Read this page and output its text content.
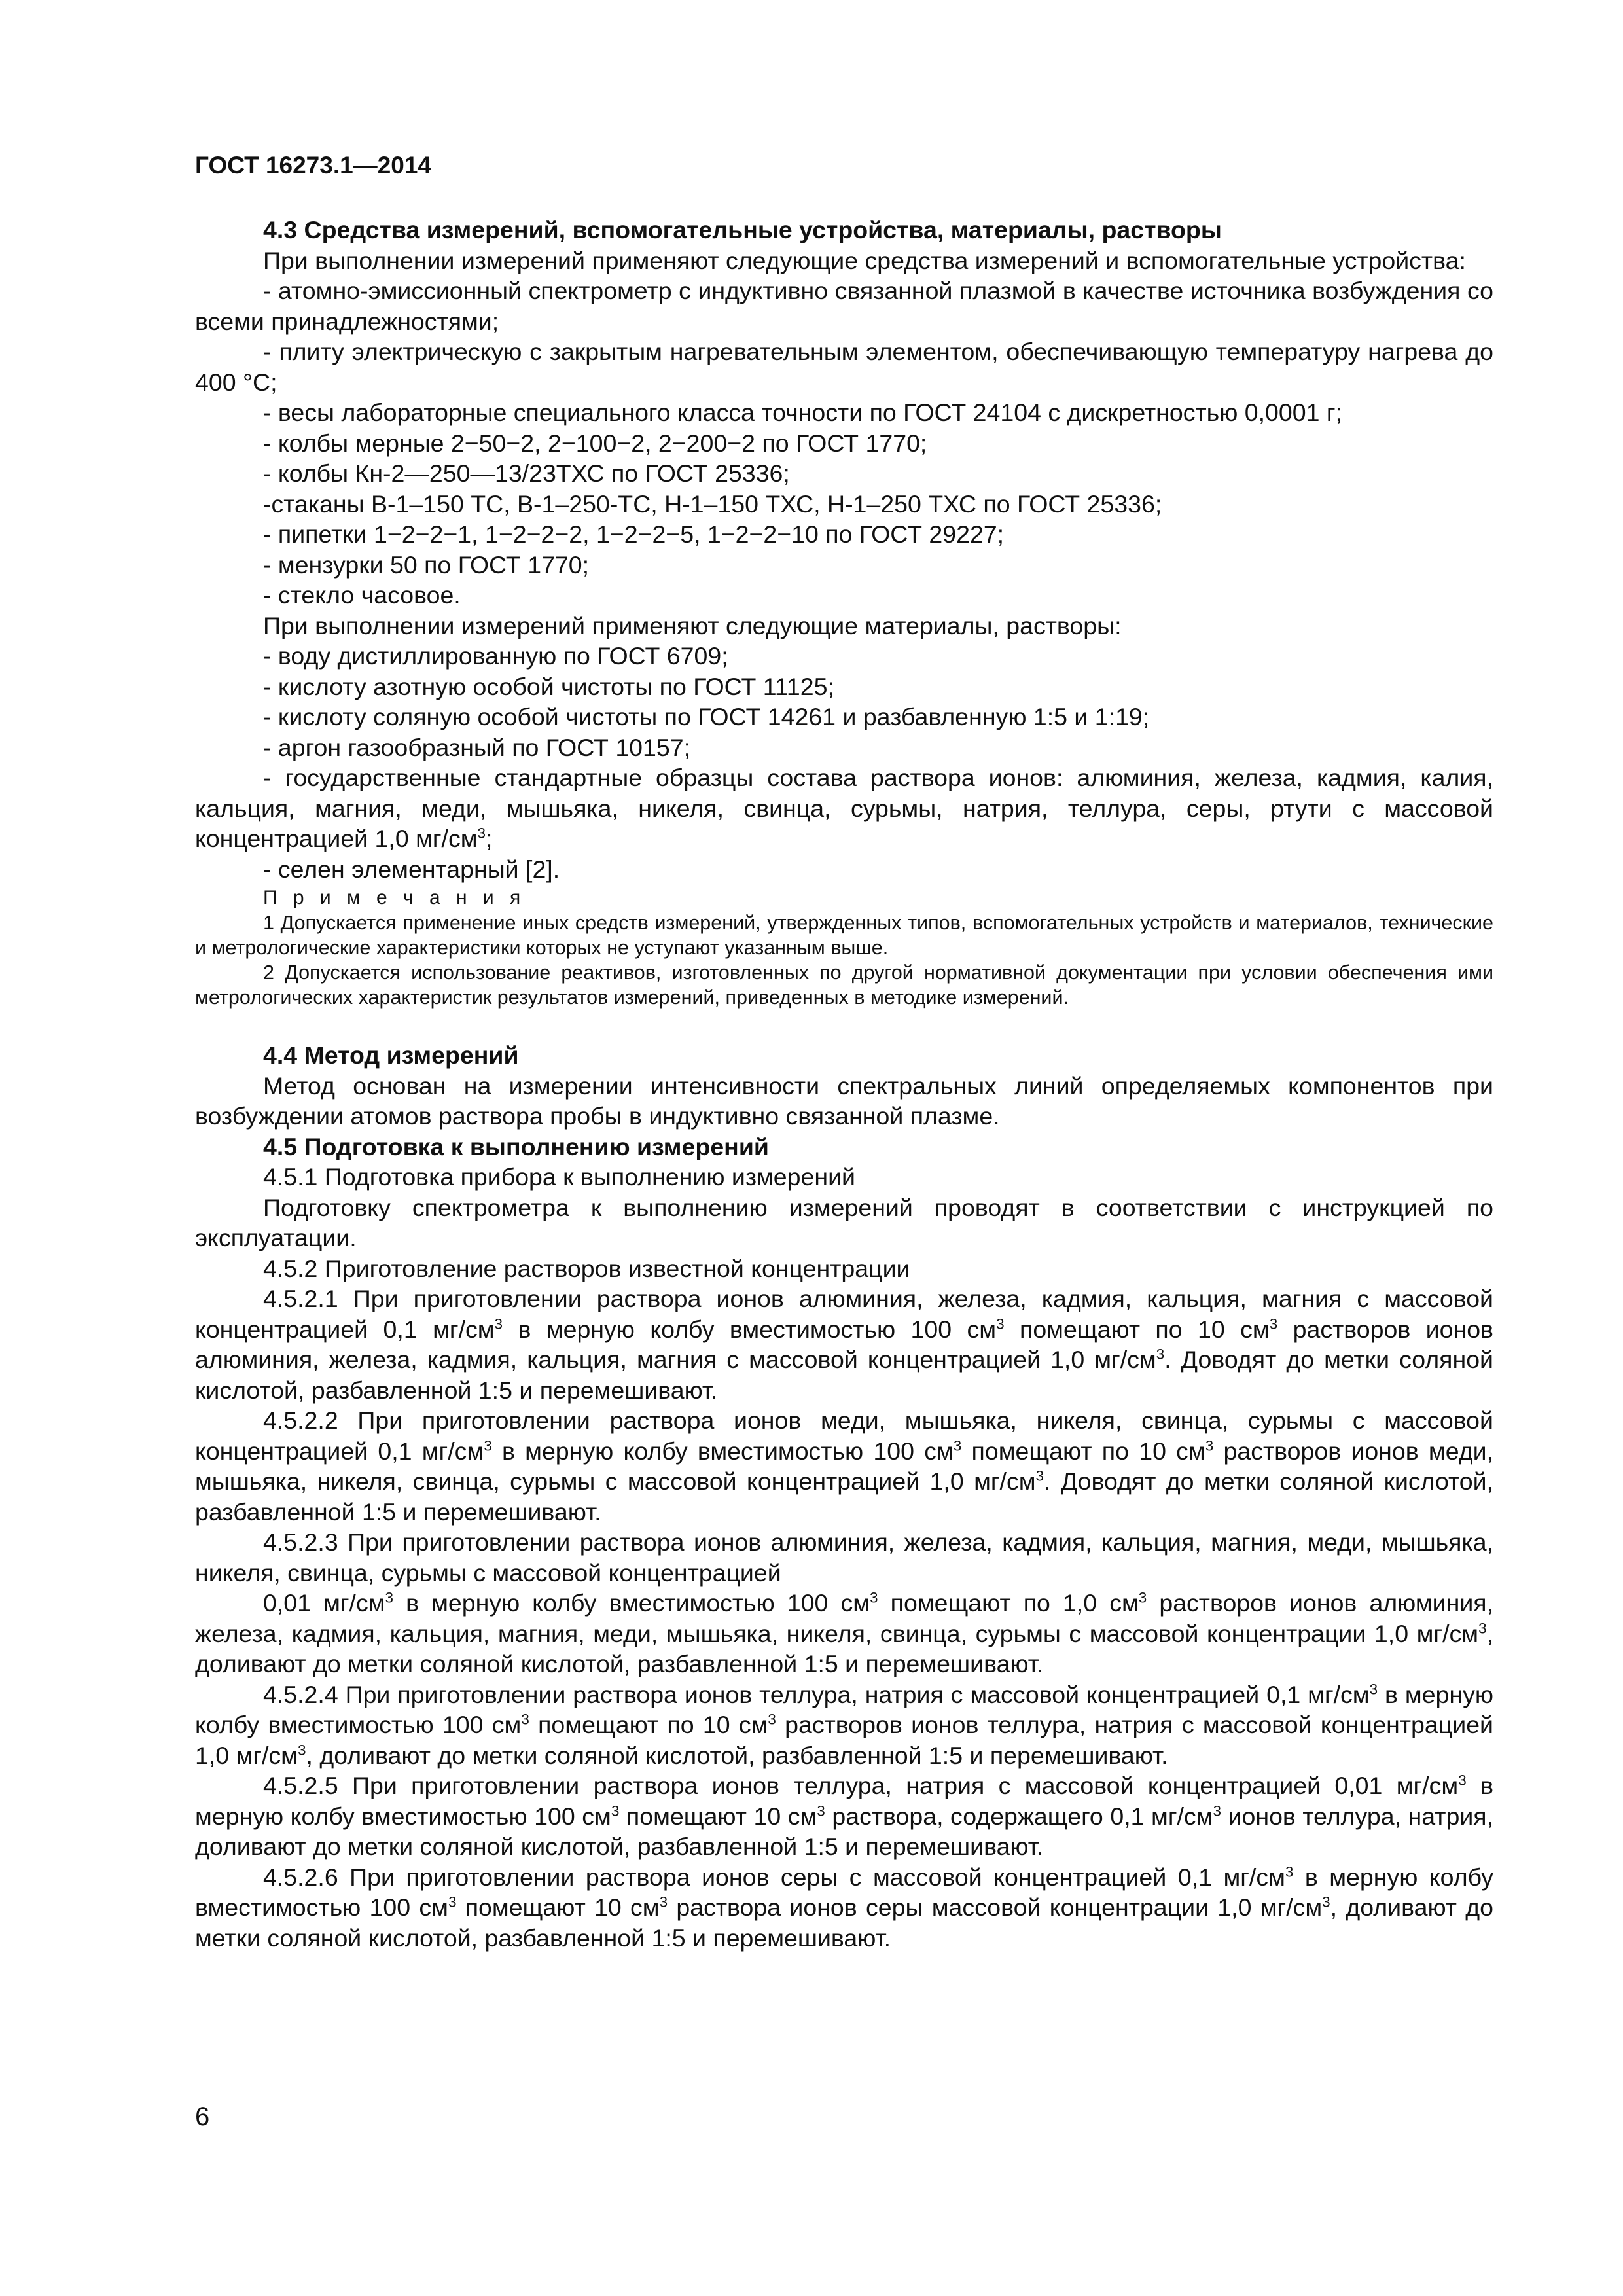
ГОСТ 16273.1—2014

4.3 Средства измерений, вспомогательные устройства, материалы, растворы

При выполнении измерений применяют следующие средства измерений и вспомогательные устройства:

- атомно-эмиссионный спектрометр с индуктивно связанной плазмой в качестве источника возбуждения со всеми принадлежностями;

- плиту электрическую с закрытым нагревательным элементом, обеспечивающую температуру нагрева до 400 °С;

- весы лабораторные специального класса точности по ГОСТ 24104 с дискретностью 0,0001 г;

- колбы мерные 2−50−2, 2−100−2, 2−200−2 по ГОСТ 1770;

- колбы Кн-2—250—13/23ТХС по ГОСТ 25336;

-стаканы В-1–150 ТС, В-1–250-ТС, Н-1–150 ТХС, Н-1–250 ТХС по ГОСТ 25336;

- пипетки 1−2−2−1, 1−2−2−2, 1−2−2−5, 1−2−2−10 по ГОСТ 29227;

- мензурки 50 по ГОСТ 1770;

- стекло часовое.

При выполнении измерений применяют следующие материалы, растворы:

- воду дистиллированную по ГОСТ 6709;

- кислоту азотную особой чистоты по ГОСТ 11125;

- кислоту соляную особой чистоты по ГОСТ 14261 и разбавленную 1:5 и 1:19;

- аргон газообразный по ГОСТ 10157;

- государственные стандартные образцы состава раствора ионов: алюминия, железа, кадмия, калия, кальция, магния, меди, мышьяка, никеля, свинца, сурьмы, натрия, теллура, серы, ртути с массовой концентрацией 1,0 $мг/см^3$;

- селен элементарный [2].

П р и м е ч а н и я

1 Допускается применение иных средств измерений, утвержденных типов, вспомогательных устройств и материалов, технические и метрологические характеристики которых не уступают указанным выше.

2 Допускается использование реактивов, изготовленных по другой нормативной документации при условии обеспечения ими метрологических характеристик результатов измерений, приведенных в методике измерений.

4.4 Метод измерений

Метод основан на измерении интенсивности спектральных линий определяемых компонентов при возбуждении атомов раствора пробы в индуктивно связанной плазме.

4.5 Подготовка к выполнению измерений

4.5.1 Подготовка прибора к выполнению измерений

Подготовку спектрометра к выполнению измерений проводят в соответствии с инструкцией по эксплуатации.

4.5.2 Приготовление растворов известной концентрации

4.5.2.1 При приготовлении раствора ионов алюминия, железа, кадмия, кальция, магния с массовой концентрацией 0,1 $мг/см^3$ в мерную колбу вместимостью 100 $см^3$ помещают по 10 $см^3$ растворов ионов алюминия, железа, кадмия, кальция, магния с массовой концентрацией 1,0 $мг/см^3$. Доводят до метки соляной кислотой, разбавленной 1:5 и перемешивают.

4.5.2.2 При приготовлении раствора ионов меди, мышьяка, никеля, свинца, сурьмы с массовой концентрацией 0,1 $мг/см^3$ в мерную колбу вместимостью 100 $см^3$ помещают по 10 $см^3$ растворов ионов меди, мышьяка, никеля, свинца, сурьмы с массовой концентрацией 1,0 $мг/см^3$. Доводят до метки соляной кислотой, разбавленной 1:5 и перемешивают.

4.5.2.3 При приготовлении раствора ионов алюминия, железа, кадмия, кальция, магния, меди, мышьяка, никеля, свинца, сурьмы с массовой концентрацией

0,01 $мг/см^3$ в мерную колбу вместимостью 100 $см^3$ помещают по 1,0 $см^3$ растворов ионов алюминия, железа, кадмия, кальция, магния, меди, мышьяка, никеля, свинца, сурьмы с массовой концентрации 1,0 $мг/см^3$, доливают до метки соляной кислотой, разбавленной 1:5 и перемешивают.

4.5.2.4 При приготовлении раствора ионов теллура, натрия с массовой концентрацией 0,1 $мг/см^3$ в мерную колбу вместимостью 100 $см^3$ помещают по 10 $см^3$ растворов ионов теллура, натрия с массовой концентрацией 1,0 $мг/см^3$, доливают до метки соляной кислотой, разбавленной 1:5 и перемешивают.

4.5.2.5 При приготовлении раствора ионов теллура, натрия с массовой концентрацией 0,01 $мг/см^3$ в мерную колбу вместимостью 100 $см^3$ помещают 10 $см^3$ раствора, содержащего 0,1 $мг/см^3$ ионов теллура, натрия, доливают до метки соляной кислотой, разбавленной 1:5 и перемешивают.

4.5.2.6 При приготовлении раствора ионов серы с массовой концентрацией 0,1 $мг/см^3$ в мерную колбу вместимостью 100 $см^3$ помещают 10 $см^3$ раствора ионов серы массовой концентрации 1,0 $мг/см^3$, доливают до метки соляной кислотой, разбавленной 1:5 и перемешивают.

6
